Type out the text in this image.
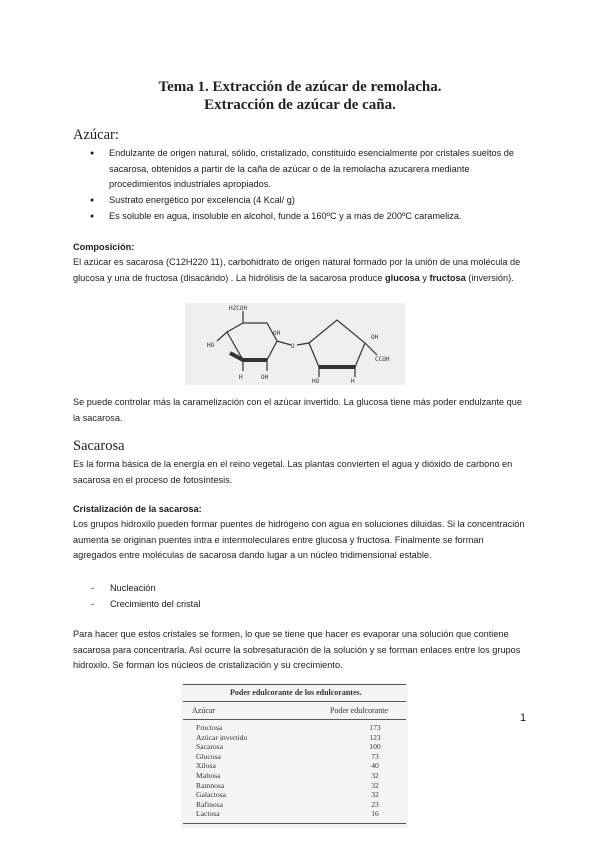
Tema 1. Extracción de azúcar de remolacha.
Extracción de azúcar de caña.
Azúcar:
● Endulzante de origen natural, sólido, cristalizado, constituido esencialmente por cristales sueltos de sacarosa, obtenidos a partir de la caña de azúcar o de la remolacha azucarera mediante procedimientos industriales apropiados.
● Sustrato energético por excelencia (4 Kcal/ g)
● Es soluble en agua, insoluble en alcohol, funde a 160ºC y a más de 200ºC carameliza.
Composición:

El azúcar es sacarosa (C12H220 11), carbohidrato de origen natural formado por la unión de una molécula de glucosa y una de fructosa (disacárido) . La hidrólisis de la sacarosa produce glucosa y fructosa (inversión).

H2COH
HO
OH
H
OH
O
HO
OH
CCOH
H

Se puede controlar más la caramelización con el azúcar invertido. La glucosa tiene más poder endulzante que la sacarosa.

Sacarosa

Es la forma básica de la energía en el reino vegetal. Las plantas convierten el agua y dióxido de carbono en sacarosa en el proceso de fotosíntesis.

Cristalización de la sacarosa:

Los grupos hidroxilo pueden formar puentes de hidrógeno con agua en soluciones diluidas. Si la concentración aumenta se originan puentes intra e intermoleculares entre glucosa y fructosa. Finalmente se forman agregados entre moléculas de sacarosa dando lugar a un núcleo tridimensional estable.

- Nucleación
- Crecimiento del cristal

Para hacer que estos cristales se formen, lo que se tiene que hacer es evaporar una solución que contiene sacarosa para concentrarla. Así ocurre la sobresaturación de la solución y se forman enlaces entre los grupos hidroxilo. Se forman los núcleos de cristalización y su crecimiento.

Poder edulcorante de los edulcorantes.
Azúcar	Poder edulcorante
Fructosa	173
Azúcar invertido	123
Sacarosa	100
Glucosa	73
Xilosa	40
Maltosa	32
Ramnosa	32
Galactosa	32
Rafinosa	23
Lactosa	16
1
